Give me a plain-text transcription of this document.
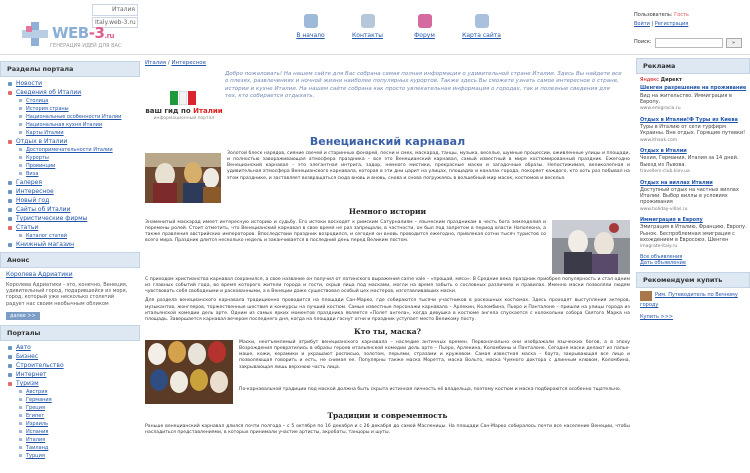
Италия
Italy.web-3.ru
WEB-3.ru
ГЕНЕРАЦИЯ ИДЕЙ ДЛЯ ВАС
В начало	Контакты	Форум	Карта сайта
Пользователь: Гость
Войти | Регистрация
Поиск:	»
Разделы портала
Новости
Сведения об Италии
Столица
История страны
Национальные особенности Италии
Национальная кухня Италии
Карты Италии
Отдых в Италии
Достопримечательности Италии
Курорты
Провинции
Виза
Галерея
Интересное
Новый год
Сайты об Италии
Туристические фирмы
Статьи
Каталог статей
Книжный магазин
Анонс
Королева Адриатики
Королева Адриатики - это, конечно, Венеция, удивительный город, подарившейся из моря, город, который уже несколько столетий радует нас своим необычным обликом
далее >>
Порталы
Авто
Бизнес
Строительство
Интернет
Туризм
Австрия
Германия
Греция
Египет
Израиль
Испания
Италия
Таиланд
Турция
Италия / Интересное
ваш гид по Италии
информационный портал
Добро пожаловать! На нашем сайте для Вас собрана самая полная информация о удивительной стране Италии. Здесь Вы найдете все о плезях, развлечениях и ночной жизни наиболее популярных курортов. Также здесь Вы сможете узнать самое интересное о стране, истории и кухне Италии. На нашем сайте собрана как просто увлекательная информация о городах, так и полезные сведения для тех, кто собирается отдыхать.
Венецианский карнавал
Золотой блеск нарядов, сияние свечей и старинных фонарей, песни и смех, маскарад, танцы, музыка, веселье, шумные процессии, оживленные улицы и площади, и полностью завораживающая атмосфера праздника – все это Венецианский карнавал, самый известный в мире костюмированный праздник. Ежегодно Венецианский карнавал – это элегантная интрига, задор, немного мистики, прекрасные маски и загадочные образы. Непостижимая, великолепная и удивительная атмосфера Венецианского карнавала, которая в эти дни царит на улицах, площадях и каналах города, покоряет каждого, кто хоть раз побывал на этом празднике, и заставляет возвращаться сюда вновь и вновь, снова и снова погружаясь в волшебный мир масок, костюмов и веселья.
Немного истории
Знаменитый маскарад имеет интересную историю и судьбу. Его истоки восходят к римским Сатурналиям – языческим праздникам в честь бога земледелия и перемены ролей. Стоит отметить, что Венецианский карнавал в свое время не раз запрещали, в частности, он был под запретом в период власти Наполеона, а также правления австрийских императоров. Впоследствии праздник возродился, и сегодня он вновь проводится ежегодно, привлекая сотни тысяч туристов со всего мира. Праздник длится несколько недель и заканчивается в последний день перед Великим постом.
С приходом христианства карнавал сохранился, а свое название он получил от латинского выражения carne vale – «прощай, мясо». В Средние века праздник приобрел популярность и стал одним из главных событий года, во время которого жители города и гости, скрыв лица под масками, могли на время забыть о сословных различиях и правилах. Именно маски позволяли людям чувствовать себя свободными и раскованными, а в Венеции даже существовал особый цех мастеров, изготавливавших маски.
Для раздела венецианского карнавала традиционно проводится на площади Сан-Марко, где собираются тысячи участников в роскошных костюмах. Здесь проходят выступления актеров, музыкантов, жонглеров, торжественные шествия и конкурсы на лучший костюм. Самые известные персонажи карнавала – Арлекин, Коломбина, Пьеро и Панталоне – пришли на улицы города из итальянской комедии дель арте. Одним из самых ярких моментов праздника является «Полет ангела», когда девушка в костюме ангела спускается с колокольни собора Святого Марка на площадь. Завершается карнавал вечером последнего дня, когда на площади гаснут огни и праздник уступает место Великому посту.
Кто ты, маска?
Маски, неотъемлемый атрибут венецианского карнавала – наследие античных времен. Первоначально они изображали языческих богов, а в эпоху Возрождения превратились в образы героев итальянской комедии дель арте – Пьеро, Арлекина, Коломбины и Панталоне. Сегодня маски делают из папье-маше, кожи, керамики и украшают росписью, золотом, перьями, стразами и кружевом. Самая известная маска – баута, закрывающая все лицо и позволяющая говорить и есть, не снимая ее. Популярны также маска Моретта, маска Вольто, маска Чумного доктора с длинным клювом, Коломбина, закрывающая лишь верхнюю часть лица.
По-карнавальной традиции под маской должна быть скрыта истинная личность её владельца, поэтому костюм и маска подбираются особенно тщательно.
Традиции и современность
Раньше венецианский карнавал длился почти полгода – с 5 октября по 16 декабря и с 26 декабря до самой Масленицы. На площади Сан-Марко собиралось почти все население Венеции, чтобы насладиться представлениями, в которых принимали участие артисты, акробаты, танцоры и шуты.
Реклама
Яндекс Директ
Шенген разрешение на проживание
Вид на жительство. Иммиграция в Европу.
www.emigracia.ru
Отдых в Италии!Ф Туры из Киева
Туры в Италию от сети турфирм Украины. Bнe отдыx. Горящие путевки!
www.ithaak.com
Отдых в Италии
Чеxия, Германия, Италия за 14 дней. Выезд из Львова.
travellers-club.kiev.ua
Отдых на виллах Италии
Доступный отдых на частных виллах Италии. Выбор виллы в условиях проживания
www.holiday-villas.ru
Иммиграция в Европу
Эмиграция в Италию, Францию, Европу. Рынок. Беспроблемная эмиграция с вхождением в Евросоюз. Шенген
imagrate-italy.ru
Все объявления
Дать объявление
Рекомендуем купить
Рим. Путеводитель по Вечному городу
Купить >>>
